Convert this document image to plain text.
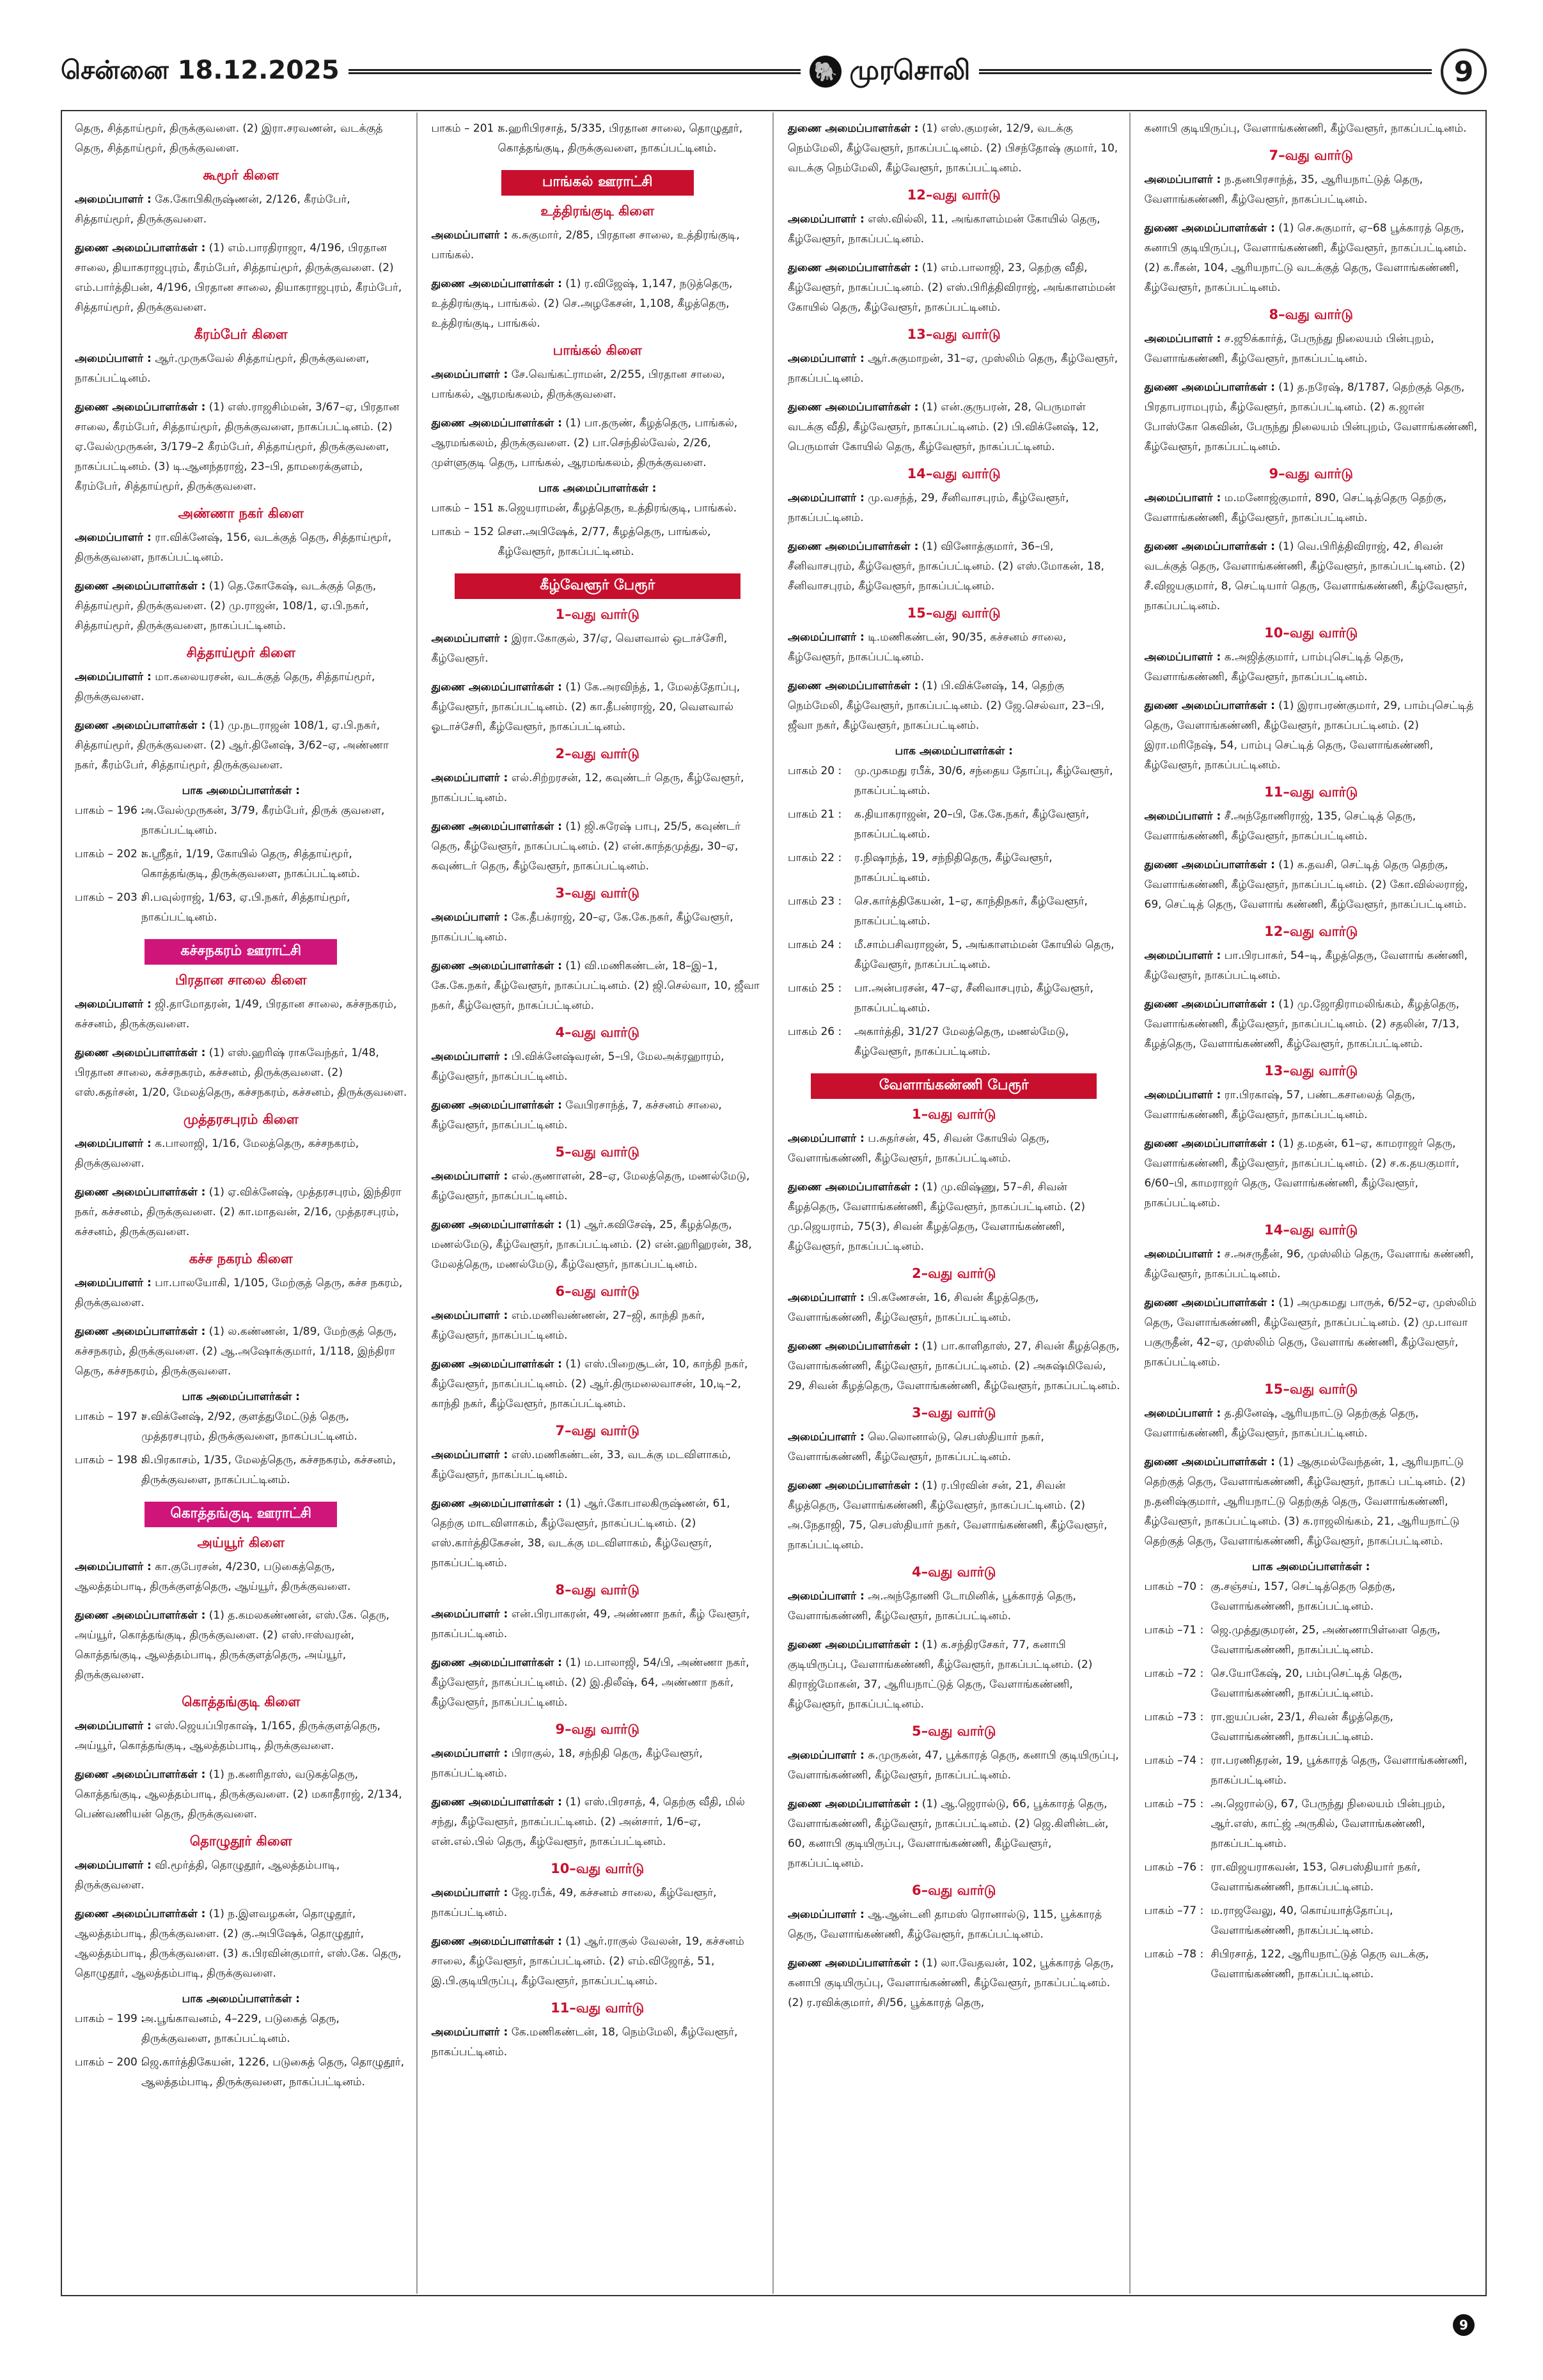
சென்னை 18.12.2025	🐘 முரசொலி	9
தெரு, சித்தாய்மூர், திருக்குவளை. (2) இரா.சரவணன், வடக்குத் தெரு, சித்தாய்மூர், திருக்குவளை.
கூமூர் கிளை
அமைப்பாளர் : கே.கோபிகிருஷ்ணன், 2/126, கீரம்பேர், சித்தாய்மூர், திருக்குவளை.
துணை அமைப்பாளர்கள் : (1) எம்.பாரதிராஜா, 4/196, பிரதான சாலை, தியாகராஜபுரம், கீரம்பேர், சித்தாய்மூர், திருக்குவளை. (2) எம்.பார்த்திபன், 4/196, பிரதான சாலை, தியாகராஜபுரம், கீரம்பேர், சித்தாய்மூர், திருக்குவளை.
கீரம்பேர் கிளை
அமைப்பாளர் : ஆர்.முருகவேல் சித்தாய்மூர், திருக்குவளை, நாகப்பட்டினம்.
துணை அமைப்பாளர்கள் : (1) எஸ்.ராஜசிம்மன், 3/67–ஏ, பிரதான சாலை, கீரம்பேர், சித்தாய்மூர், திருக்குவளை, நாகப்பட்டினம். (2) ஏ.வேல்முருகன், 3/179–2 கீரம்பேர், சித்தாய்மூர், திருக்குவளை, நாகப்பட்டினம். (3) டி.ஆனந்தராஜ், 23–பி, தாமரைக்குளம், கீரம்பேர், சித்தாய்மூர், திருக்குவளை.
அண்ணா நகர் கிளை
அமைப்பாளர் : ரா.விக்னேஷ், 156, வடக்குத் தெரு, சித்தாய்மூர், திருக்குவளை, நாகப்பட்டினம்.
துணை அமைப்பாளர்கள் : (1) தெ.கோகேஷ், வடக்குத் தெரு, சித்தாய்மூர், திருக்குவளை. (2) மு.ராஜன், 108/1, ஏ.பி.நகர், சித்தாய்மூர், திருக்குவளை, நாகப்பட்டினம்.
சித்தாய்மூர் கிளை
அமைப்பாளர் : மா.கலையரசன், வடக்குத் தெரு, சித்தாய்மூர், திருக்குவளை.
துணை அமைப்பாளர்கள் : (1) மு.நடராஜன் 108/1, ஏ.பி.நகர், சித்தாய்மூர், திருக்குவளை. (2) ஆர்.தினேஷ், 3/62–ஏ, அண்ணா நகர், கீரம்பேர், சித்தாய்மூர், திருக்குவளை.
பாக அமைப்பாளர்கள் :
பாகம் – 196 :
அ.வேல்முருகன், 3/79, கீரம்பேர், திருக் குவளை, நாகப்பட்டினம்.
பாகம் – 202 :
க.ஸ்ரீதர், 1/19, கோயில் தெரு, சித்தாய்மூர், கொத்தங்குடி, திருக்குவளை, நாகப்பட்டினம்.
பாகம் – 203 :
சி.பவுல்ராஜ், 1/63, ஏ.பி.நகர், சித்தாய்மூர், நாகப்பட்டினம்.
கச்சநகரம் ஊராட்சி
பிரதான சாலை கிளை
அமைப்பாளர் : ஜி.தாமோதரன், 1/49, பிரதான சாலை, கச்சநகரம், கச்சனம், திருக்குவளை.
துணை அமைப்பாளர்கள் : (1) எஸ்.ஹரிஷ் ராகவேந்தர், 1/48, பிரதான சாலை, கச்சநகரம், கச்சனம், திருக்குவளை. (2) எஸ்.கதர்சன், 1/20, மேலத்தெரு, கச்சநகரம், கச்சனம், திருக்குவளை.
முத்தரசபுரம் கிளை
அமைப்பாளர் : க.பாலாஜி, 1/16, மேலத்தெரு, கச்சநகரம், திருக்குவளை.
துணை அமைப்பாளர்கள் : (1) ஏ.விக்னேஷ், முத்தரசபுரம், இந்திரா நகர், கச்சனம், திருக்குவளை. (2) கா.மாதவன், 2/16, முத்தரசபுரம், கச்சனம், திருக்குவளை.
கச்ச நகரம் கிளை
அமைப்பாளர் : பா.பாலயோகி, 1/105, மேற்குத் தெரு, கச்ச நகரம், திருக்குவளை.
துணை அமைப்பாளர்கள் : (1) ல.கண்ணன், 1/89, மேற்குத் தெரு, கச்சநகரம், திருக்குவளை. (2) ஆ.அஷோக்குமார், 1/118, இந்திரா தெரு, கச்சநகரம், திருக்குவளை.
பாக அமைப்பாளர்கள் :
பாகம் – 197 :
ச.விக்னேஷ், 2/92, குளத்துமேட்டுத் தெரு, முத்தரசபுரம், திருக்குவளை, நாகப்பட்டினம்.
பாகம் – 198 :
கி.பிரகாசம், 1/35, மேலத்தெரு, கச்சநகரம், கச்சனம், திருக்குவளை, நாகப்பட்டினம்.
கொத்தங்குடி ஊராட்சி
அய்யூர் கிளை
அமைப்பாளர் : கா.குபேரசன், 4/230, படுகைத்தெரு, ஆலத்தம்பாடி, திருக்குளத்தெரு, ஆய்யூர், திருக்குவளை.
துணை அமைப்பாளர்கள் : (1) த.கமலகண்ணன், எஸ்.கே. தெரு, அய்யூர், கொத்தங்குடி, திருக்குவளை. (2) எஸ்.ஈஸ்வரன், கொத்தங்குடி, ஆலத்தம்பாடி, திருக்குளத்தெரு, அய்யூர், திருக்குவளை.
கொத்தங்குடி கிளை
அமைப்பாளர் : எஸ்.ஜெயப்பிரகாஷ், 1/165, திருக்குளத்தெரு, அய்யூர், கொத்தங்குடி, ஆலத்தம்பாடி, திருக்குவளை.
துணை அமைப்பாளர்கள் : (1) ந.கனரிதாஸ், வடுகத்தெரு, கொத்தங்குடி, ஆலத்தம்பாடி, திருக்குவளை. (2) மகாதீராஜ், 2/134, பெண்வணியன் தெரு, திருக்குவளை.
தொழுதூர் கிளை
அமைப்பாளர் : வி.மூர்த்தி, தொழுதூர், ஆலத்தம்பாடி, திருக்குவளை.
துணை அமைப்பாளர்கள் : (1) ந.இளவழகன், தொழுதூர், ஆலத்தம்பாடி, திருக்குவளை. (2) கு.அபிஷேக், தொழுதூர், ஆலத்தம்பாடி, திருக்குவளை. (3) க.பிரவின்குமார், எஸ்.கே. தெரு, தொழுதூர், ஆலத்தம்பாடி, திருக்குவளை.
பாக அமைப்பாளர்கள் :
பாகம் – 199 :
அ.பூங்காவனம், 4–229, படுகைத் தெரு, திருக்குவளை, நாகப்பட்டினம்.
பாகம் – 200 :
ஜெ.கார்த்திகேயன், 1226, படுகைத் தெரு, தொழுதூர், ஆலத்தம்பாடி, திருக்குவளை, நாகப்பட்டினம்.
பாகம் – 201 :
க.ஹரிபிரசாத், 5/335, பிரதான சாலை, தொழுதூர், கொத்தங்குடி, திருக்குவளை, நாகப்பட்டினம்.
பாங்கல் ஊராட்சி
உத்திரங்குடி கிளை
அமைப்பாளர் : க.சுகுமார், 2/85, பிரதான சாலை, உத்திரங்குடி, பாங்கல்.
துணை அமைப்பாளர்கள் : (1) ர.விஜேஷ், 1,147, நடுத்தெரு, உத்திரங்குடி, பாங்கல். (2) செ.அழகேசன், 1,108, கீழத்தெரு, உத்திரங்குடி, பாங்கல்.
பாங்கல் கிளை
அமைப்பாளர் : சே.வெங்கட்ராமன், 2/255, பிரதான சாலை, பாங்கல், ஆரமங்கலம், திருக்குவளை.
துணை அமைப்பாளர்கள் : (1) பா.தருண், கீழத்தெரு, பாங்கல், ஆரமங்கலம், திருக்குவளை. (2) பா.செந்தில்வேல், 2/26, முள்ளுகுடி தெரு, பாங்கல், ஆரமங்கலம், திருக்குவளை.
பாக அமைப்பாளர்கள் :
பாகம் – 151 :
க.ஜெயராமன், கீழத்தெரு, உத்திரங்குடி, பாங்கல்.
பாகம் – 152 :
சௌ.அபிஷேக், 2/77, கீழத்தெரு, பாங்கல், கீழ்வேளூர், நாகப்பட்டினம்.
கீழ்வேளூர் பேரூர்
1–வது வார்டு
அமைப்பாளர் : இரா.கோகுல், 37/ஏ, வெளவால் ஒடாச்சேரி, கீழ்வேளூர்.
துணை அமைப்பாளர்கள் : (1) கே.அரவிந்த், 1, மேலத்தோப்பு, கீழ்வேளூர், நாகப்பட்டினம். (2) கா.தீபன்ராஜ், 20, வெளவால் ஓடாச்சேரி, கீழ்வேளூர், நாகப்பட்டினம்.
2–வது வார்டு
அமைப்பாளர் : எல்.சிற்றரசன், 12, கவுண்டர் தெரு, கீழ்வேளூர், நாகப்பட்டினம்.
துணை அமைப்பாளர்கள் : (1) ஜி.சுரேஷ் பாபு, 25/5, கவுண்டர் தெரு, கீழ்வேளூர், நாகப்பட்டினம். (2) என்.காந்தமுத்து, 30–ஏ, கவுண்டர் தெரு, கீழ்வேளூர், நாகப்பட்டினம்.
3–வது வார்டு
அமைப்பாளர் : கே.தீபக்ராஜ், 20–ஏ, கே.கே.நகர், கீழ்வேளூர், நாகப்பட்டினம்.
துணை அமைப்பாளர்கள் : (1) வி.மணிகண்டன், 18–இ–1, கே.கே.நகர், கீழ்வேளூர், நாகப்பட்டினம். (2) ஜி.செல்வா, 10, ஜீவா நகர், கீழ்வேளூர், நாகப்பட்டினம்.
4–வது வார்டு
அமைப்பாளர் : பி.விக்னேஷ்வரன், 5–பி, மேலஅக்ரஹாரம், கீழ்வேளூர், நாகப்பட்டினம்.
துணை அமைப்பாளர்கள் : வேபிரசாந்த், 7, கச்சனம் சாலை, கீழ்வேளூர், நாகப்பட்டினம்.
5–வது வார்டு
அமைப்பாளர் : எல்.குணாளன், 28–ஏ, மேலத்தெரு, மணல்மேடு, கீழ்வேளூர், நாகப்பட்டினம்.
துணை அமைப்பாளர்கள் : (1) ஆர்.கவிசேஷ், 25, கீழத்தெரு, மணல்மேடு, கீழ்வேளூர், நாகப்பட்டினம். (2) என்.ஹரிஹரன், 38, மேலத்தெரு, மணல்மேடு, கீழ்வேளூர், நாகப்பட்டினம்.
6–வது வார்டு
அமைப்பாளர் : எம்.மணிவண்ணன், 27–ஜி, காந்தி நகர், கீழ்வேளூர், நாகப்பட்டினம்.
துணை அமைப்பாளர்கள் : (1) எஸ்.பிறைசூடன், 10, காந்தி நகர், கீழ்வேளூர், நாகப்பட்டினம். (2) ஆர்.திருமலைவாசன், 10,டி–2, காந்தி நகர், கீழ்வேளூர், நாகப்பட்டினம்.
7–வது வார்டு
அமைப்பாளர் : எஸ்.மணிகண்டன், 33, வடக்கு மடவிளாகம், கீழ்வேளூர், நாகப்பட்டினம்.
துணை அமைப்பாளர்கள் : (1) ஆர்.கோபாலகிருஷ்ணன், 61, தெற்கு மாடவிளாகம், கீழ்வேளூர், நாகப்பட்டினம். (2) எஸ்.கார்த்திகேசன், 38, வடக்கு மடவிளாகம், கீழ்வேளூர், நாகப்பட்டினம்.
8–வது வார்டு
அமைப்பாளர் : என்.பிரபாகரன், 49, அண்ணா நகர், கீழ் வேளூர், நாகப்பட்டினம்.
துணை அமைப்பாளர்கள் : (1) ம.பாலாஜி, 54/பி, அண்ணா நகர், கீழ்வேளூர், நாகப்பட்டினம். (2) இ.திலீஷ், 64, அண்ணா நகர், கீழ்வேளூர், நாகப்பட்டினம்.
9–வது வார்டு
அமைப்பாளர் : பிராகுல், 18, சந்நிதி தெரு, கீழ்வேளூர், நாகப்பட்டினம்.
துணை அமைப்பாளர்கள் : (1) எஸ்.பிரசாத், 4, தெற்கு வீதி, மில் சந்து, கீழ்வேளூர், நாகப்பட்டினம். (2) அன்சார், 1/6–ஏ, என்.எல்.பில் தெரு, கீழ்வேளூர், நாகப்பட்டினம்.
10–வது வார்டு
அமைப்பாளர் : ஜே.ரபீக், 49, கச்சனம் சாலை, கீழ்வேளூர், நாகப்பட்டினம்.
துணை அமைப்பாளர்கள் : (1) ஆர்.ராகுல் வேலன், 19, கச்சனம் சாலை, கீழ்வேளூர், நாகப்பட்டினம். (2) எம்.விஜோத், 51, இ.பி.குடியிருப்பு, கீழ்வேளூர், நாகப்பட்டினம்.
11–வது வார்டு
அமைப்பாளர் : கே.மணிகண்டன், 18, நெம்மேலி, கீழ்வேளூர், நாகப்பட்டினம்.
துணை அமைப்பாளர்கள் : (1) எஸ்.குமரன், 12/9, வடக்கு நெம்மேலி, கீழ்வேளூர், நாகப்பட்டினம். (2) பிசந்தோஷ் குமார், 10, வடக்கு நெம்மேலி, கீழ்வேளூர், நாகப்பட்டினம்.
12–வது வார்டு
அமைப்பாளர் : எஸ்.வில்லி, 11, அங்காளம்மன் கோயில் தெரு, கீழ்வேளூர், நாகப்பட்டினம்.
துணை அமைப்பாளர்கள் : (1) எம்.பாலாஜி, 23, தெற்கு வீதி, கீழ்வேளூர், நாகப்பட்டினம். (2) எஸ்.பிரித்திவிராஜ், அங்காளம்மன் கோயில் தெரு, கீழ்வேளூர், நாகப்பட்டினம்.
13–வது வார்டு
அமைப்பாளர் : ஆர்.சுகுமாறன், 31–ஏ, முஸ்லிம் தெரு, கீழ்வேளூர், நாகப்பட்டினம்.
துணை அமைப்பாளர்கள் : (1) என்.குருபரன், 28, பெருமாள் வடக்கு வீதி, கீழ்வேளூர், நாகப்பட்டினம். (2) பி.விக்னேஷ், 12, பெருமாள் கோயில் தெரு, கீழ்வேளூர், நாகப்பட்டினம்.
14–வது வார்டு
அமைப்பாளர் : மு.வசந்த், 29, சீனிவாசபுரம், கீழ்வேளூர், நாகப்பட்டினம்.
துணை அமைப்பாளர்கள் : (1) வினோத்குமார், 36–பி, சீனிவாசபுரம், கீழ்வேளூர், நாகப்பட்டினம். (2) எஸ்.மோகன், 18, சீனிவாசபுரம், கீழ்வேளூர், நாகப்பட்டினம்.
15–வது வார்டு
அமைப்பாளர் : டி.மணிகண்டன், 90/35, கச்சனம் சாலை, கீழ்வேளூர், நாகப்பட்டினம்.
துணை அமைப்பாளர்கள் : (1) பி.விக்னேஷ், 14, தெற்கு நெம்மேலி, கீழ்வேளூர், நாகப்பட்டினம். (2) ஜே.செல்வா, 23–பி, ஜீவா நகர், கீழ்வேளூர், நாகப்பட்டினம்.
பாக அமைப்பாளர்கள் :
பாகம் 20 :	மு.முகமது ரபீக், 30/6, சந்தைய தோப்பு, கீழ்வேளூர், நாகப்பட்டினம்.
பாகம் 21 :	க.தியாகராஜன், 20–பி, கே.கே.நகர், கீழ்வேளூர், நாகப்பட்டினம்.
பாகம் 22 :	ர.நிஷாந்த், 19, சந்நிதிதெரு, கீழ்வேளூர், நாகப்பட்டினம்.
பாகம் 23 :	செ.கார்த்திகேயன், 1–ஏ, காந்திநகர், கீழ்வேளூர், நாகப்பட்டினம்.
பாகம் 24 :	மீ.சாம்பசிவராஜன், 5, அங்காளம்மன் கோயில் தெரு, கீழ்வேளூர், நாகப்பட்டினம்.
பாகம் 25 :	பா.அன்பரசன், 47–ஏ, சீனிவாசபுரம், கீழ்வேளூர், நாகப்பட்டினம்.
பாகம் 26 :	அகார்த்தி, 31/27 மேலத்தெரு, மணல்மேடு, கீழ்வேளூர், நாகப்பட்டினம்.
வேளாங்கண்ணி பேரூர்
1–வது வார்டு
அமைப்பாளர் : ப.சுதர்சன், 45, சிவன் கோயில் தெரு, வேளாங்கண்ணி, கீழ்வேளூர், நாகப்பட்டினம்.
துணை அமைப்பாளர்கள் : (1) மு.விஷ்ணு, 57–சி, சிவன் கீழத்தெரு, வேளாங்கண்ணி, கீழ்வேளூர், நாகப்பட்டினம். (2) மு.ஜெயராம், 75(3), சிவன் கீழத்தெரு, வேளாங்கண்ணி, கீழ்வேளூர், நாகப்பட்டினம்.
2–வது வார்டு
அமைப்பாளர் : பி.கணேசன், 16, சிவன் கீழத்தெரு, வேளாங்கண்ணி, கீழ்வேளூர், நாகப்பட்டினம்.
துணை அமைப்பாளர்கள் : (1) பா.காளிதாஸ், 27, சிவன் கீழத்தெரு, வேளாங்கண்ணி, கீழ்வேளூர், நாகப்பட்டினம். (2) அசுஷ்மிவேல், 29, சிவன் கீழத்தெரு, வேளாங்கண்ணி, கீழ்வேளூர், நாகப்பட்டினம்.
3–வது வார்டு
அமைப்பாளர் : லெ.லொனால்டு, செபஸ்தியார் நகர், வேளாங்கண்ணி, கீழ்வேளூர், நாகப்பட்டினம்.
துணை அமைப்பாளர்கள் : (1) ர.பிரவின் சன், 21, சிவன் கீழத்தெரு, வேளாங்கண்ணி, கீழ்வேளூர், நாகப்பட்டினம். (2) அ.நேதாஜி, 75, செபஸ்தியார் நகர், வேளாங்கண்ணி, கீழ்வேளூர், நாகப்பட்டினம்.
4–வது வார்டு
அமைப்பாளர் : அ.அந்தோணி டோமினிக், பூக்காரத் தெரு, வேளாங்கண்ணி, கீழ்வேளூர், நாகப்பட்டினம்.
துணை அமைப்பாளர்கள் : (1) க.சந்திரசேகர், 77, கனாபி குடியிருப்பு, வேளாங்கண்ணி, கீழ்வேளூர், நாகப்பட்டினம். (2) கிராஜ்மோகன், 37, ஆரியநாட்டுத் தெரு, வேளாங்கண்ணி, கீழ்வேளூர், நாகப்பட்டினம்.
5–வது வார்டு
அமைப்பாளர் : சு.முருகன், 47, பூக்காரத் தெரு, கனாபி குடியிருப்பு, வேளாங்கண்ணி, கீழ்வேளூர், நாகப்பட்டினம்.
துணை அமைப்பாளர்கள் : (1) ஆ.ஜெரால்டு, 66, பூக்காரத் தெரு, வேளாங்கண்ணி, கீழ்வேளூர், நாகப்பட்டினம். (2) ஜெ.கிளின்டன், 60, கனாபி குடியிருப்பு, வேளாங்கண்ணி, கீழ்வேளூர், நாகப்பட்டினம்.
6–வது வார்டு
அமைப்பாளர் : ஆ.ஆன்டனி தாமஸ் ரொனால்டு, 115, பூக்காரத் தெரு, வேளாங்கண்ணி, கீழ்வேளூர், நாகப்பட்டினம்.
துணை அமைப்பாளர்கள் : (1) லா.வேதவன், 102, பூக்காரத் தெரு, கனாபி குடியிருப்பு, வேளாங்கண்ணி, கீழ்வேளூர், நாகப்பட்டினம். (2) ர.ரவிக்குமார், சி/56, பூக்காரத் தெரு,
கனாபி குடியிருப்பு, வேளாங்கண்ணி, கீழ்வேளூர், நாகப்பட்டினம்.
7–வது வார்டு
அமைப்பாளர் : ந.தனபிரசாந்த், 35, ஆரியநாட்டுத் தெரு, வேளாங்கண்ணி, கீழ்வேளூர், நாகப்பட்டினம்.
துணை அமைப்பாளர்கள் : (1) செ.சுகுமார், ஏ–68 பூக்காரத் தெரு, கனாபி குடியிருப்பு, வேளாங்கண்ணி, கீழ்வேளூர், நாகப்பட்டினம். (2) க.ரீகன், 104, ஆரியநாட்டு வடக்குத் தெரு, வேளாங்கண்ணி, கீழ்வேளூர், நாகப்பட்டினம்.
8–வது வார்டு
அமைப்பாளர் : ச.ஜூக்கார்த், பேருந்து நிலையம் பின்புறம், வேளாங்கண்ணி, கீழ்வேளூர், நாகப்பட்டினம்.
துணை அமைப்பாளர்கள் : (1) த.நரேஷ், 8/1787, தெற்குத் தெரு, பிரதாபராமபுரம், கீழ்வேளூர், நாகப்பட்டினம். (2) க.ஜான் போஸ்கோ கெவின், பேருந்து நிலையம் பின்புறம், வேளாங்கண்ணி, கீழ்வேளூர், நாகப்பட்டினம்.
9–வது வார்டு
அமைப்பாளர் : ம.மனோஜ்குமார், 890, செட்டித்தெரு தெற்கு, வேளாங்கண்ணி, கீழ்வேளூர், நாகப்பட்டினம்.
துணை அமைப்பாளர்கள் : (1) வெ.பிரித்திவிராஜ், 42, சிவன் வடக்குத் தெரு, வேளாங்கண்ணி, கீழ்வேளூர், நாகப்பட்டினம். (2) சீ.விஜயகுமார், 8, செட்டியார் தெரு, வேளாங்கண்ணி, கீழ்வேளூர், நாகப்பட்டினம்.
10–வது வார்டு
அமைப்பாளர் : க.அஜித்குமார், பாம்புசெட்டித் தெரு, வேளாங்கண்ணி, கீழ்வேளூர், நாகப்பட்டினம்.
துணை அமைப்பாளர்கள் : (1) இராபரண்குமார், 29, பாம்புசெட்டித் தெரு, வேளாங்கண்ணி, கீழ்வேளூர், நாகப்பட்டினம். (2) இரா.மரிநேஷ், 54, பாம்பு செட்டித் தெரு, வேளாங்கண்ணி, கீழ்வேளூர், நாகப்பட்டினம்.
11–வது வார்டு
அமைப்பாளர் : சீ.அந்தோணிராஜ், 135, செட்டித் தெரு, வேளாங்கண்ணி, கீழ்வேளூர், நாகப்பட்டினம்.
துணை அமைப்பாளர்கள் : (1) க.தவசி, செட்டித் தெரு தெற்கு, வேளாங்கண்ணி, கீழ்வேளூர், நாகப்பட்டினம். (2) கோ.வில்லராஜ், 69, செட்டித் தெரு, வேளாங் கண்ணி, கீழ்வேளூர், நாகப்பட்டினம்.
12–வது வார்டு
அமைப்பாளர் : பா.பிரபாகர், 54–டி, கீழத்தெரு, வேளாங் கண்ணி, கீழ்வேளூர், நாகப்பட்டினம்.
துணை அமைப்பாளர்கள் : (1) மு.ஜோதிராமலிங்கம், கீழத்தெரு, வேளாங்கண்ணி, கீழ்வேளூர், நாகப்பட்டினம். (2) சதலின், 7/13, கீழத்தெரு, வேளாங்கண்ணி, கீழ்வேளூர், நாகப்பட்டினம்.
13–வது வார்டு
அமைப்பாளர் : ரா.பிரகாஷ், 57, பண்டகசாலைத் தெரு, வேளாங்கண்ணி, கீழ்வேளூர், நாகப்பட்டினம்.
துணை அமைப்பாளர்கள் : (1) த.மதன், 61–ஏ, காமராஜர் தெரு, வேளாங்கண்ணி, கீழ்வேளூர், நாகப்பட்டினம். (2) ச.க.தயகுமார், 6/60–பி, காமராஜர் தெரு, வேளாங்கண்ணி, கீழ்வேளூர், நாகப்பட்டினம்.
14–வது வார்டு
அமைப்பாளர் : ச.அசருதீன், 96, முஸ்லிம் தெரு, வேளாங் கண்ணி, கீழ்வேளூர், நாகப்பட்டினம்.
துணை அமைப்பாளர்கள் : (1) அமுகமது பாருக், 6/52–ஏ, முஸ்லிம் தெரு, வேளாங்கண்ணி, கீழ்வேளூர், நாகப்பட்டினம். (2) மு.பாவா பகுருதீன், 42–ஏ, முஸ்லிம் தெரு, வேளாங் கண்ணி, கீழ்வேளூர், நாகப்பட்டினம்.
15–வது வார்டு
அமைப்பாளர் : த.தினேஷ், ஆரியநாட்டு தெற்குத் தெரு, வேளாங்கண்ணி, கீழ்வேளூர், நாகப்பட்டினம்.
துணை அமைப்பாளர்கள் : (1) ஆகுமல்வேந்தன், 1, ஆரியநாட்டு தெற்குத் தெரு, வேளாங்கண்ணி, கீழ்வேளூர், நாகப் பட்டினம். (2) ந.தனிஷ்குமார், ஆரியநாட்டு தெற்குத் தெரு, வேளாங்கண்ணி, கீழ்வேளூர், நாகப்பட்டினம். (3) க.ராஜலிங்கம், 21, ஆரியநாட்டு தெற்குத் தெரு, வேளாங்கண்ணி, கீழ்வேளூர், நாகப்பட்டினம்.
பாக அமைப்பாளர்கள் :
பாகம் –70 : கு.சஞ்சய், 157, செட்டித்தெரு தெற்கு, வேளாங்கண்ணி, நாகப்பட்டினம்.
பாகம் –71 : ஜெ.முத்துகுமரன், 25, அண்ணாபிள்ளை தெரு, வேளாங்கண்ணி, நாகப்பட்டினம்.
பாகம் –72 : செ.யோகேஷ், 20, பம்புசெட்டித் தெரு, வேளாங்கண்ணி, நாகப்பட்டினம்.
பாகம் –73 : ரா.ஐயப்பன், 23/1, சிவன் கீழத்தெரு, வேளாங்கண்ணி, நாகப்பட்டினம்.
பாகம் –74 : ரா.பரணிதரன், 19, பூக்காரத் தெரு, வேளாங்கண்ணி, நாகப்பட்டினம்.
பாகம் –75 : அ.ஜெரால்டு, 67, பேருந்து நிலையம் பின்புறம், ஆர்.எஸ், காட்ஜ் அருகில், வேளாங்கண்ணி, நாகப்பட்டினம்.
பாகம் –76 : ரா.விஜயராகவன், 153, செபஸ்தியார் நகர், வேளாங்கண்ணி, நாகப்பட்டினம்.
பாகம் –77 : ம.ராஜவேலு, 40, கொய்யாத்தோப்பு, வேளாங்கண்ணி, நாகப்பட்டினம்.
பாகம் –78 : சிபிரசாத், 122, ஆரியநாட்டுத் தெரு வடக்கு, வேளாங்கண்ணி, நாகப்பட்டினம்.
9
